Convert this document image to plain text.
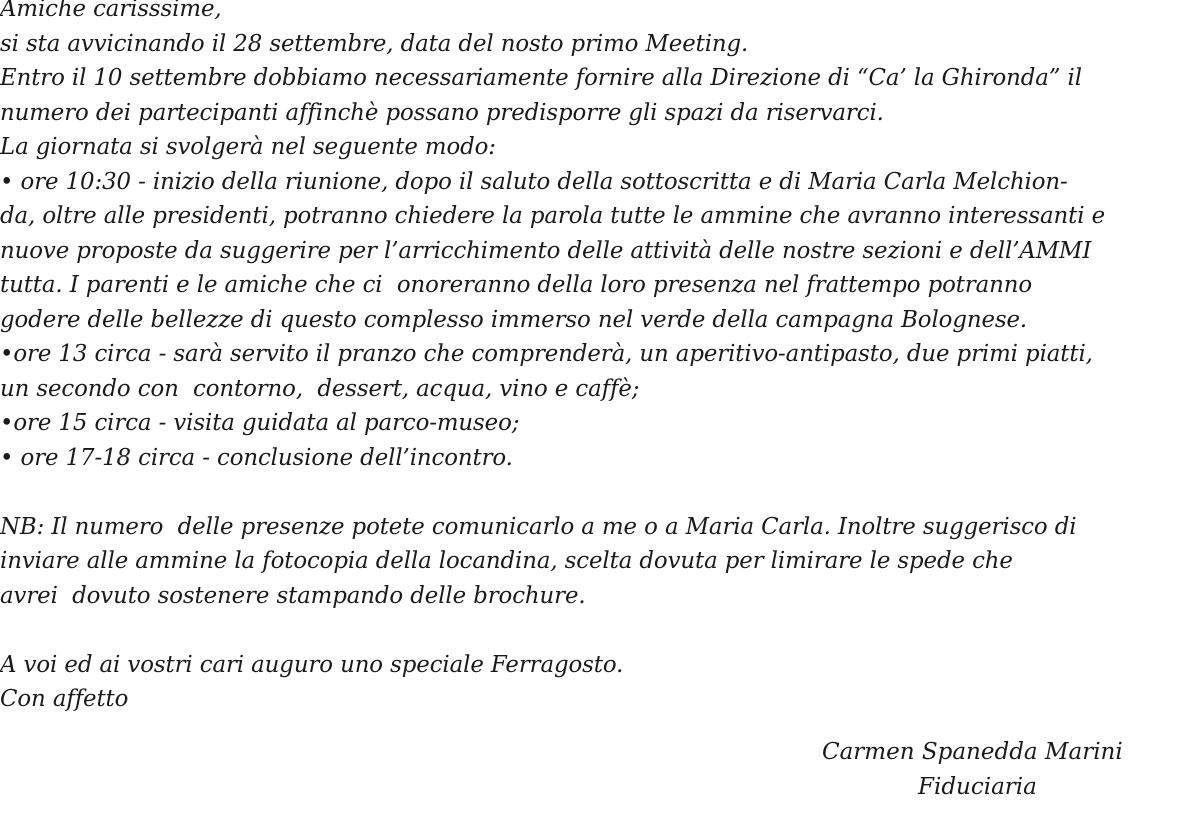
Amiche carisssime,
si sta avvicinando il 28 settembre, data del nosto primo Meeting.
Entro il 10 settembre dobbiamo necessariamente fornire alla Direzione di “Ca’ la Ghironda” il
numero dei partecipanti affinchè possano predisporre gli spazi da riservarci.
La giornata si svolgerà nel seguente modo:
• ore 10:30 - inizio della riunione, dopo il saluto della sottoscritta e di Maria Carla Melchion-
da, oltre alle presidenti, potranno chiedere la parola tutte le ammine che avranno interessanti e
nuove proposte da suggerire per l’arricchimento delle attività delle nostre sezioni e dell’AMMI
tutta. I parenti e le amiche che ci  onoreranno della loro presenza nel frattempo potranno
godere delle bellezze di questo complesso immerso nel verde della campagna Bolognese.
•ore 13 circa - sarà servito il pranzo che comprenderà, un aperitivo-antipasto, due primi piatti,
un secondo con  contorno,  dessert, acqua, vino e caffè;
•ore 15 circa - visita guidata al parco-museo;
• ore 17-18 circa - conclusione dell’incontro.
NB: Il numero  delle presenze potete comunicarlo a me o a Maria Carla. Inoltre suggerisco di
inviare alle ammine la fotocopia della locandina, scelta dovuta per limirare le spede che
avrei  dovuto sostenere stampando delle brochure.
A voi ed ai vostri cari auguro uno speciale Ferragosto.
Con affetto
Carmen Spanedda Marini
Fiduciaria
